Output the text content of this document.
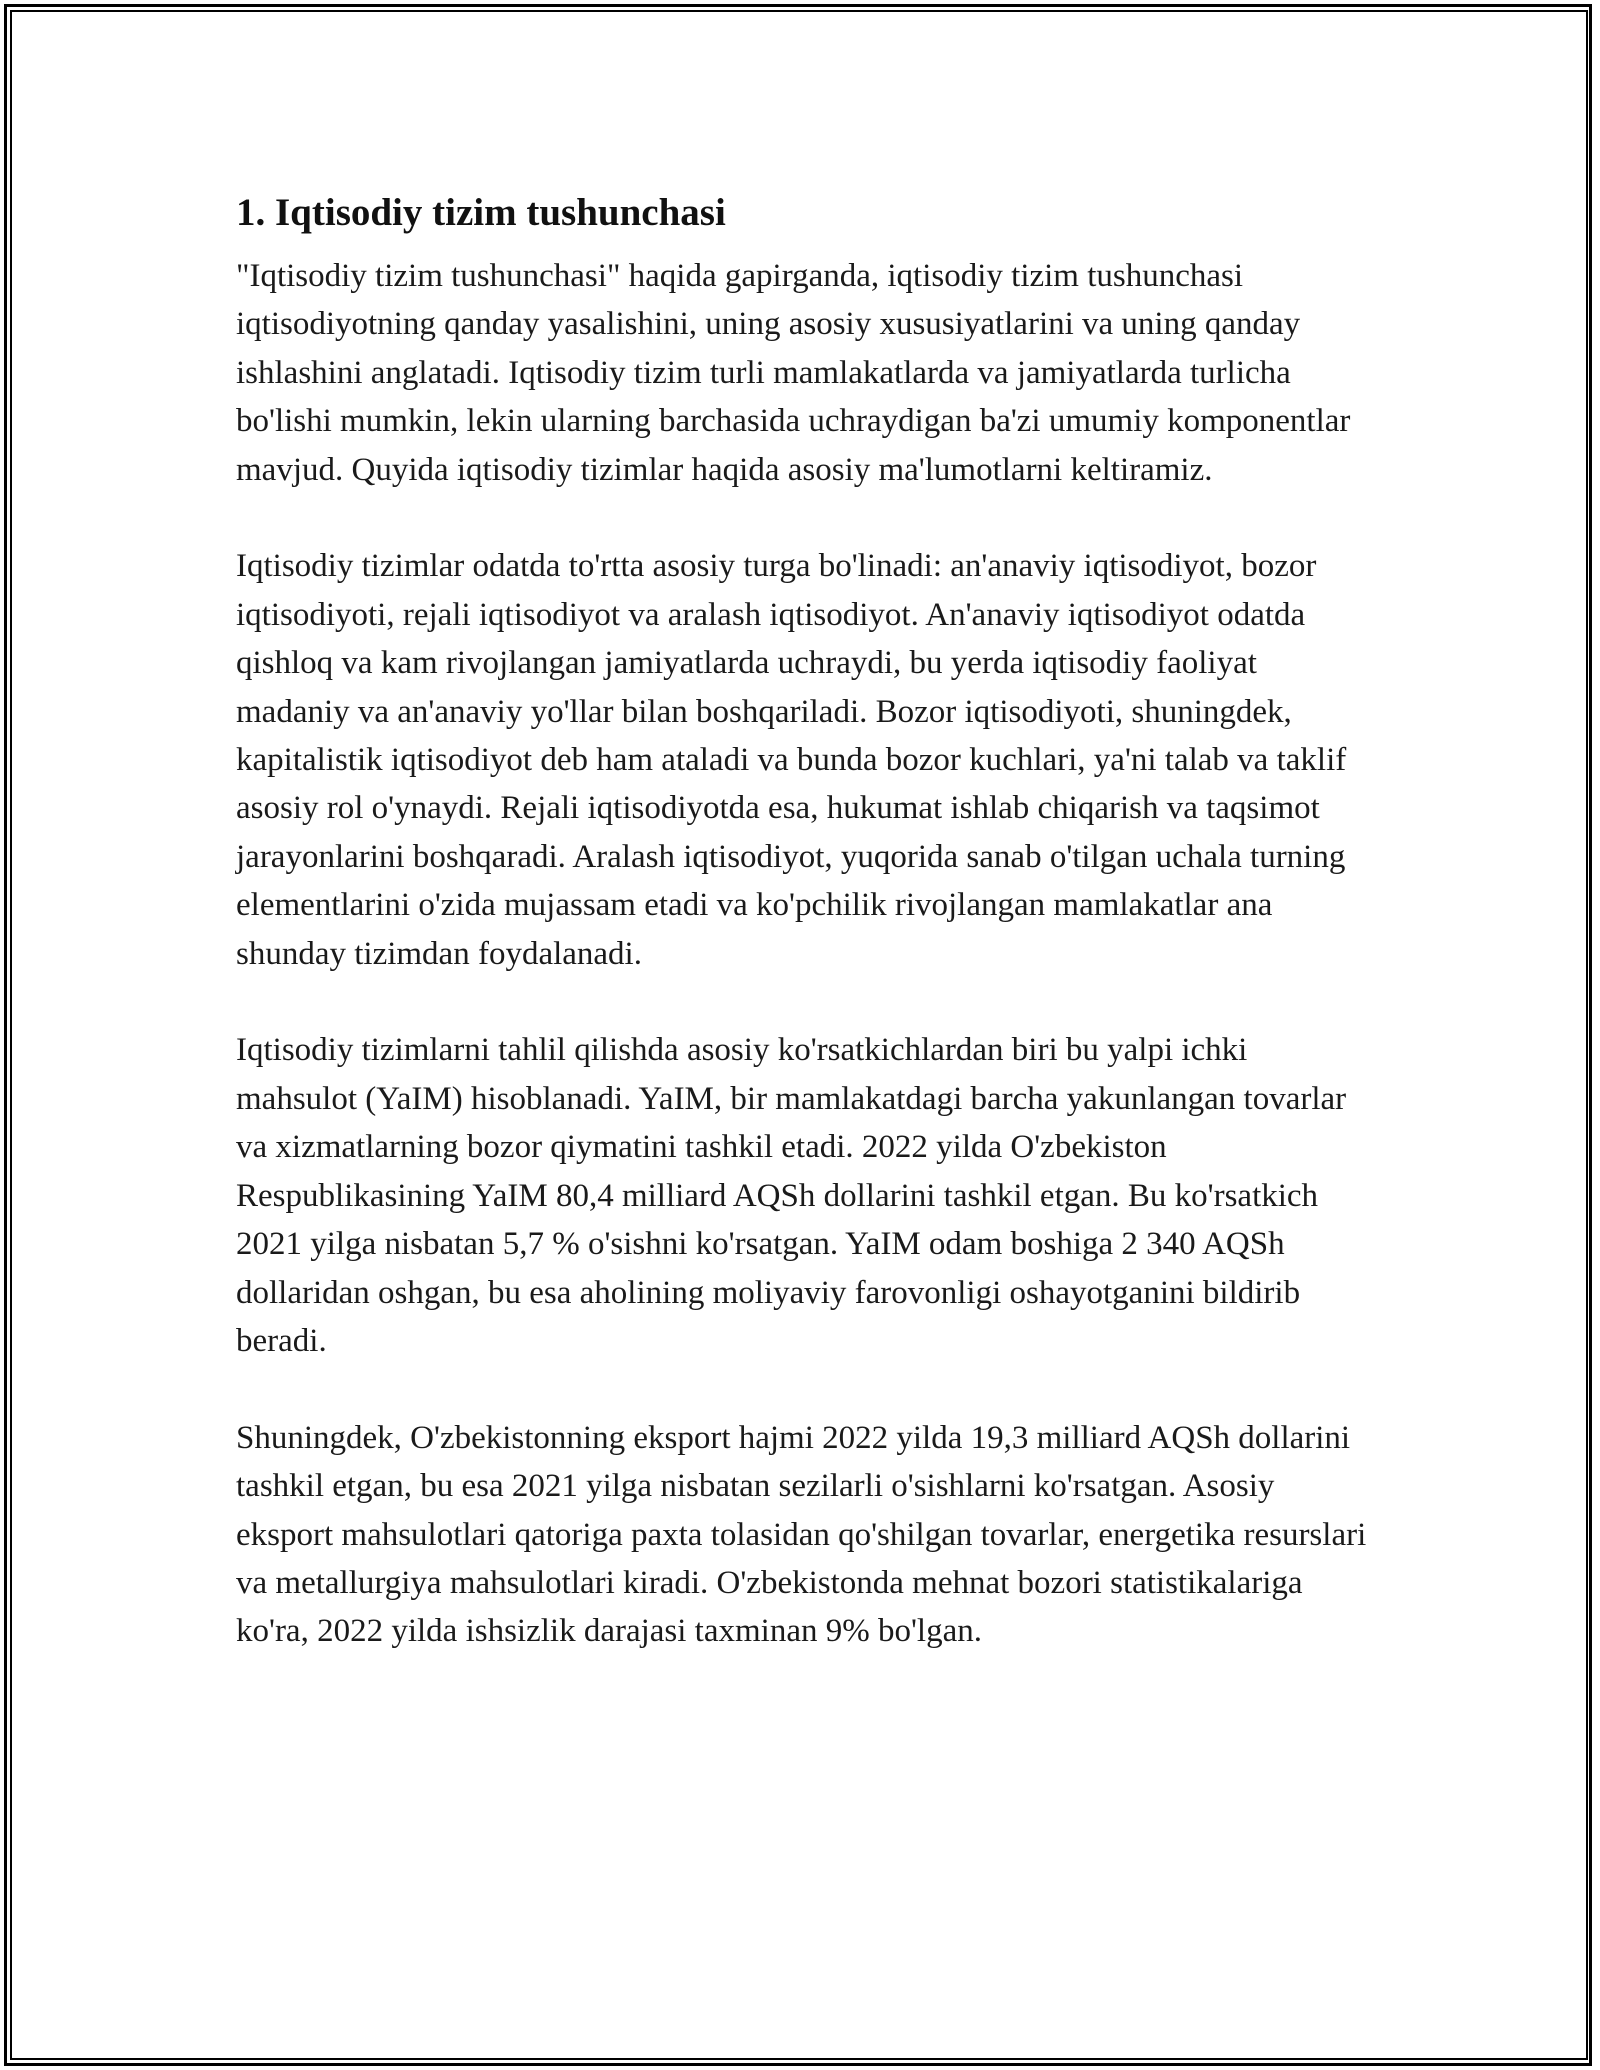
1. Iqtisodiy tizim tushunchasi

"Iqtisodiy tizim tushunchasi" haqida gapirganda, iqtisodiy tizim tushunchasi iqtisodiyotning qanday yasalishini, uning asosiy xususiyatlarini va uning qanday ishlashini anglatadi. Iqtisodiy tizim turli mamlakatlarda va jamiyatlarda turlicha bo'lishi mumkin, lekin ularning barchasida uchraydigan ba'zi umumiy komponentlar mavjud. Quyida iqtisodiy tizimlar haqida asosiy ma'lumotlarni keltiramiz.

Iqtisodiy tizimlar odatda to'rtta asosiy turga bo'linadi: an'anaviy iqtisodiyot, bozor iqtisodiyoti, rejali iqtisodiyot va aralash iqtisodiyot. An'anaviy iqtisodiyot odatda qishloq va kam rivojlangan jamiyatlarda uchraydi, bu yerda iqtisodiy faoliyat madaniy va an'anaviy yo'llar bilan boshqariladi. Bozor iqtisodiyoti, shuningdek, kapitalistik iqtisodiyot deb ham ataladi va bunda bozor kuchlari, ya'ni talab va taklif asosiy rol o'ynaydi. Rejali iqtisodiyotda esa, hukumat ishlab chiqarish va taqsimot jarayonlarini boshqaradi. Aralash iqtisodiyot, yuqorida sanab o'tilgan uchala turning elementlarini o'zida mujassam etadi va ko'pchilik rivojlangan mamlakatlar ana shunday tizimdan foydalanadi.

Iqtisodiy tizimlarni tahlil qilishda asosiy ko'rsatkichlardan biri bu yalpi ichki mahsulot (YaIM) hisoblanadi. YaIM, bir mamlakatdagi barcha yakunlangan tovarlar va xizmatlarning bozor qiymatini tashkil etadi. 2022 yilda O'zbekiston Respublikasining YaIM 80,4 milliard AQSh dollarini tashkil etgan. Bu ko'rsatkich 2021 yilga nisbatan 5,7 % o'sishni ko'rsatgan. YaIM odam boshiga 2 340 AQSh dollaridan oshgan, bu esa aholining moliyaviy farovonligi oshayotganini bildirib beradi.

Shuningdek, O'zbekistonning eksport hajmi 2022 yilda 19,3 milliard AQSh dollarini tashkil etgan, bu esa 2021 yilga nisbatan sezilarli o'sishlarni ko'rsatgan. Asosiy eksport mahsulotlari qatoriga paxta tolasidan qo'shilgan tovarlar, energetika resurslari va metallurgiya mahsulotlari kiradi. O'zbekistonda mehnat bozori statistikalariga ko'ra, 2022 yilda ishsizlik darajasi taxminan 9% bo'lgan.
